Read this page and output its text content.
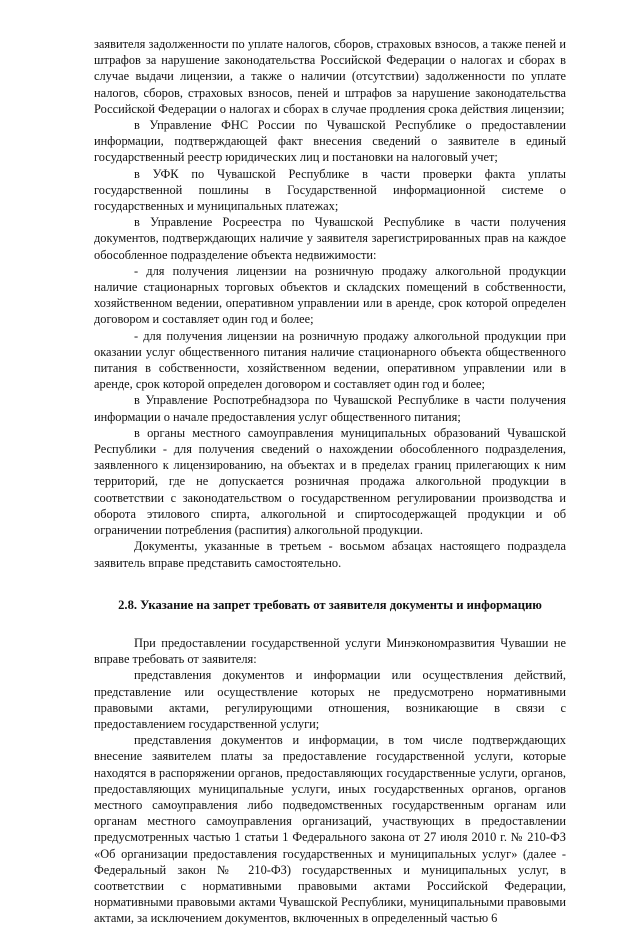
заявителя задолженности по уплате налогов, сборов, страховых взносов, а также пеней и штрафов за нарушение законодательства Российской Федерации о налогах и сборах в случае выдачи лицензии, а также о наличии (отсутствии) задолженности по уплате налогов, сборов, страховых взносов, пеней и штрафов за нарушение законодательства Российской Федерации о налогах и сборах в случае продления срока действия лицензии;

в Управление ФНС России по Чувашской Республике о предоставлении информации, подтверждающей факт внесения сведений о заявителе в единый государственный реестр юридических лиц и постановки на налоговый учет;

в УФК по Чувашской Республике в части проверки факта уплаты государственной пошлины в Государственной информационной системе о государственных и муниципальных платежах;

в Управление Росреестра по Чувашской Республике в части получения документов, подтверждающих наличие у заявителя зарегистрированных прав на каждое обособленное подразделение объекта недвижимости:

- для получения лицензии на розничную продажу алкогольной продукции наличие стационарных торговых объектов и складских помещений в собственности, хозяйственном ведении, оперативном управлении или в аренде, срок которой определен договором и составляет один год и более;

- для получения лицензии на розничную продажу алкогольной продукции при оказании услуг общественного питания наличие стационарного объекта общественного питания в собственности, хозяйственном ведении, оперативном управлении или в аренде, срок которой определен договором и составляет один год и более;

в Управление Роспотребнадзора по Чувашской Республике в части получения информации о начале предоставления услуг общественного питания;

в органы местного самоуправления муниципальных образований Чувашской Республики - для получения сведений о нахождении обособленного подразделения, заявленного к лицензированию, на объектах и в пределах границ прилегающих к ним территорий, где не допускается розничная продажа алкогольной продукции в соответствии с законодательством о государственном регулировании производства и оборота этилового спирта, алкогольной и спиртосодержащей продукции и об ограничении потребления (распития) алкогольной продукции.

Документы, указанные в третьем - восьмом абзацах настоящего подраздела заявитель вправе представить самостоятельно.

2.8. Указание на запрет требовать от заявителя документы и информацию

При предоставлении государственной услуги Минэкономразвития Чувашии не вправе требовать от заявителя:

представления документов и информации или осуществления действий, представление или осуществление которых не предусмотрено нормативными правовыми актами, регулирующими отношения, возникающие в связи с предоставлением государственной услуги;

представления документов и информации, в том числе подтверждающих внесение заявителем платы за предоставление государственной услуги, которые находятся в распоряжении органов, предоставляющих государственные услуги, органов, предоставляющих муниципальные услуги, иных государственных органов, органов местного самоуправления либо подведомственных государственным органам или органам местного самоуправления организаций, участвующих в предоставлении предусмотренных частью 1 статьи 1 Федерального закона от 27 июля 2010 г. № 210-ФЗ «Об организации предоставления государственных и муниципальных услуг» (далее - Федеральный закон № 210-ФЗ) государственных и муниципальных услуг, в соответствии с нормативными правовыми актами Российской Федерации, нормативными правовыми актами Чувашской Республики, муниципальными правовыми актами, за исключением документов, включенных в определенный частью 6
